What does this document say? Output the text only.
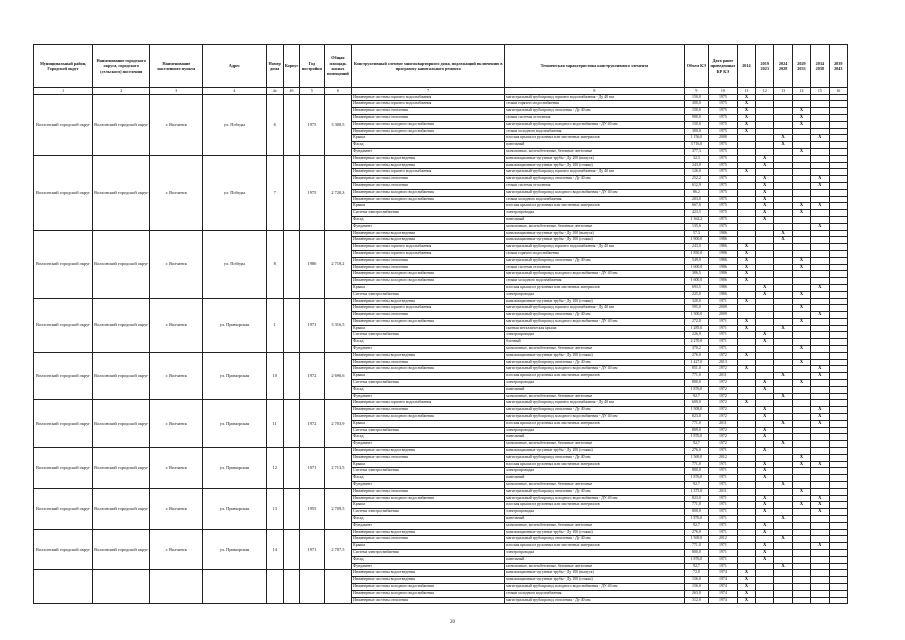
Муниципальный район, Городской округ	Наименование городского округа, городского (сельского) поселения	Наименование населенного пункта	Адрес	Номер дома	Корпус	Год постройки	Общая площадь жилых помещений	Конструктивный элемент многоквартирного дома, подлежащий включению в программу капитального ремонта	Техническая характеристика конструктивного элемента	Объем КЭ	Дата ранее проведенных КР КЭ	2014	2019 2023	2024 2028	2029 2033	2034 2038	2039 2043
1	2	3	4	4а	4б	5	6	7	8	9	10	11	12	13	14	15	16
Волхонский городской округ	Волхонский городской округ	г. Волчанск	ул. Победы	6		1975	3 300,5	Инженерные системы горячего водоснабжения	магистральный трубопровод горячего водоснабжения - Ду 40 мм	150,0	1975	X					
								Инженерные системы горячего водоснабжения	стояки горячего водоснабжения	300,0	1975	X					
								Инженерные системы отопления	магистральный трубопровод отопления - Ду 40 мм	150,0	1975	X			X		
								Инженерные системы отопления	стояки системы отопления	900,0	1975	X			X		
								Инженерные системы холодного водоснабжения	магистральный трубопровод холодного водоснабжения - ДУ 40 мм	150,0	1975	X			X		
								Инженерные системы холодного водоснабжения	стояки холодного водоснабжения	300,0	1975	X					
								Крыша	плоская крыша из рулонных или мастичных материалов	1 156,0	2008			X		X	
								Фасад	панельный	3 716,0	1975			X			
								Фундамент	монолитные, железобетонные, бетонные ленточные	377,3	1975				X		
Волхонский городской округ	Волхонский городской округ	г. Волчанск	ул. Победы	7		1975	2 720,3	Инженерные системы водоотведения	канализационные чугунные трубы - Ду 100 (выпуск)	32,3	1975		X				
								Инженерные системы водоотведения	канализационные чугунные трубы - Ду 100 (стояки)	243,0	1975		X				
								Инженерные системы горячего водоснабжения	магистральный трубопровод горячего водоснабжения - Ду 40 мм	126,0	1975	X					
								Инженерные системы отопления	магистральный трубопровод отопления - Ду 40 мм	252,2	1975		X			X	
								Инженерные системы отопления	стояки системы отопления	612,9	1975		X			X	
								Инженерные системы холодного водоснабжения	магистральный трубопровод холодного водоснабжения - ДУ 40 мм	86,2	1975		X				
								Инженерные системы холодного водоснабжения	стояки холодного водоснабжения	203,0	1975		X				
								Крыша	плоская крыша из рулонных или мастичных материалов	667,6	1975		X		X	X	
								Система электроснабжения	электропроводка	423,5	1975		X		X		
								Фасад	панельный	1 362,2	1975		X				
								Фундамент	монолитные, железобетонные, бетонные ленточные	135,6	1975					X	
Волхонский городской округ	Волхонский городской округ	г. Волчанск	ул. Победы	8		1986	2 718,2	Инженерные системы водоотведения	канализационные чугунные трубы - Ду 100 (выпуск)	57,3	1986			X			
								Инженерные системы водоотведения	канализационные чугунные трубы - Ду 100 (стояки)	1 900,0	1986			X			
								Инженерные системы горячего водоснабжения	магистральный трубопровод горячего водоснабжения - Ду 40 мм	243,0	1986	X					
								Инженерные системы горячего водоснабжения	стояки горячего водоснабжения	1 850,0	1986	X					
								Инженерные системы отопления	магистральный трубопровод отопления - Ду 40 мм	549,0	1986	X			X		
								Инженерные системы отопления	стояки системы отопления	1 600,0	1986	X			X		
								Инженерные системы холодного водоснабжения	магистральный трубопровод холодного водоснабжения - ДУ 40 мм	306,5	1986	X					
								Инженерные системы холодного водоснабжения	стояки холодного водоснабжения	1 600,0	1986	X					
								Крыша	плоская крыша из рулонных или мастичных материалов	693,5	1986		X			X	
								Система электроснабжения	электропроводка	225,0	1986		X		X		
Волхонский городской округ	Волхонский городской округ	г. Волчанск	ул. Приморская	1		1971	3 316,5	Инженерные системы водоотведения	канализационные чугунные трубы - Ду 100 (стояки)	320,0	1971	X					
								Инженерные системы горячего водоснабжения	магистральный трубопровод горячего водоснабжения - Ду 40 мм	595,0	2009				X		
								Инженерные системы отопления	магистральный трубопровод отопления - Ду 40 мм	1 300,0	2009					X	
								Инженерные системы холодного водоснабжения	магистральный трубопровод холодного водоснабжения - ДУ 40 мм	272,0	1971	X			X		
								Крыша	скатная металлическая крыша	1 285,0	1971	X		X			
								Система электроснабжения	электропроводка	226,0	1971		X				
								Фасад	блочный	2 270,0	1971		X				
								Фундамент	монолитные, железобетонные, бетонные ленточные	370,2	1971				X		
Волхонский городской округ	Волхонский городской округ	г. Волчанск	ул. Приморская	10		1972	2 696,6	Инженерные системы водоотведения	канализационные чугунные трубы - Ду 100 (стояки)	276,0	1972	X					
								Инженерные системы отопления	магистральный трубопровод отопления - Ду 40 мм	1 427,0	2013				X		
								Инженерные системы холодного водоснабжения	магистральный трубопровод холодного водоснабжения - ДУ 40 мм	851,0	1972	X				X	
								Крыша	плоская крыша из рулонных или мастичных материалов	771,0	2011			X		X	
								Система электроснабжения	электропроводка	800,0	1972		X		X		
								Фасад	панельный	1 876,0	1972		X				
								Фундамент	монолитные, железобетонные, бетонные ленточные	92,7	1972			X			
Волхонский городской округ	Волхонский городской округ	г. Волчанск	ул. Приморская	11		1972	2 703,9	Инженерные системы горячего водоснабжения	магистральный трубопровод горячего водоснабжения - Ду 40 мм	609,0	1972	X					
								Инженерные системы отопления	магистральный трубопровод отопления - Ду 40 мм	1 508,0	1972		X			X	
								Инженерные системы холодного водоснабжения	магистральный трубопровод холодного водоснабжения - ДУ 40 мм	823,0	1972		X			X	
								Крыша	плоская крыша из рулонных или мастичных материалов	771,0	2011			X		X	
								Система электроснабжения	электропроводка	809,0	1972		X				
								Фасад	панельный	1 876,0	1972		X				
								Фундамент	монолитные, железобетонные, бетонные ленточные	92,7	1972			X			
Волхонский городской округ	Волхонский городской округ	г. Волчанск	ул. Приморская	12		1971	2 713,5	Инженерные системы водоотведения	канализационные чугунные трубы - Ду 100 (стояки)	276,0	1971		X				
								Инженерные системы отопления	магистральный трубопровод отопления - Ду 40 мм	1 569,0	2012				X		
								Крыша	плоская крыша из рулонных или мастичных материалов	771,0	1971		X		X	X	
								Система электроснабжения	электропроводка	800,0	1971		X				
								Фасад	панельный	1 876,0	1971		X				
								Фундамент	монолитные, железобетонные, бетонные ленточные	92,7	1971			X			
Волхонский городской округ	Волхонский городской округ	г. Волчанск	ул. Приморская	13		1955	2 709,5	Инженерные системы отопления	магистральный трубопровод отопления - Ду 40 мм	1 375,0	2011				X		
								Инженерные системы холодного водоснабжения	магистральный трубопровод холодного водоснабжения - ДУ 40 мм	823,0	1971		X			X	
								Крыша	плоская крыша из рулонных или мастичных материалов	771,0	1971		X		X	X	
								Система электроснабжения	электропроводка	800,0	1971		X			X	
								Фасад	панельный	1 876,0	1971			X			
								Фундамент	монолитные, железобетонные, бетонные ленточные	92,7	1971		X				
Волхонский городской округ	Волхонский городской округ	г. Волчанск	ул. Приморская	14		1971	2 707,5	Инженерные системы водоотведения	канализационные чугунные трубы - Ду 100 (стояки)	276,0	1971		X				
								Инженерные системы отопления	магистральный трубопровод отопления - Ду 40 мм	1 569,0	2012			X			
								Крыша	плоская крыша из рулонных или мастичных материалов	771,0	1971		X			X	
								Система электроснабжения	электропроводка	800,0	1971		X				
								Фасад	панельный	1 876,0	1971		X				
								Фундамент	монолитные, железобетонные, бетонные ленточные	92,7	1971			X			
								Инженерные системы водоотведения	канализационные чугунные трубы - Ду 100 (выпуск)	72,0	1974	X					
								Инженерные системы водоотведения	канализационные чугунные трубы - Ду 100 (стояки)	156,0	1974	X					
								Инженерные системы холодного водоснабжения	магистральный трубопровод холодного водоснабжения - ДУ 40 мм	156,0	1974	X					
								Инженерные системы холодного водоснабжения	стояки холодного водоснабжения	263,0	1974	X					
								Инженерные системы отопления	магистральный трубопровод отопления - Ду 40 мм	312,0	1974	X					
20
